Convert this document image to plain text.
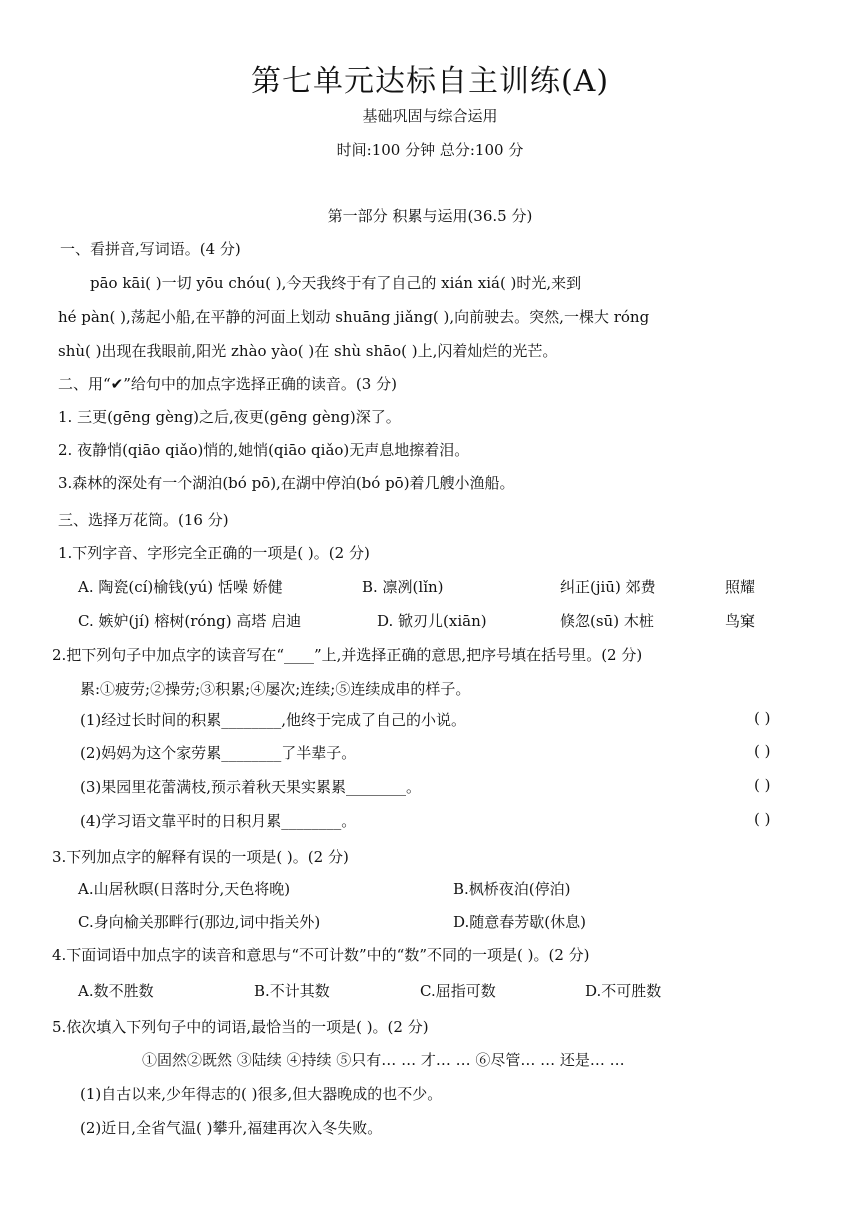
第七单元达标自主训练(A)
基础巩固与综合运用
时间:100 分钟 总分:100 分
第一部分 积累与运用(36.5 分)
一、看拼音,写词语。(4 分)
pāo kāi( )一切 yōu chóu( ),今天我终于有了自己的 xián xiá( )时光,来到
hé pàn( ),荡起小船,在平静的河面上划动 shuāng jiǎng( ),向前驶去。突然,一棵大 róng
shù( )出现在我眼前,阳光 zhào yào( )在 shù shāo( )上,闪着灿烂的光芒。
二、用“✔”给句中的加点字选择正确的读音。(3 分)
1. 三更(gēng gèng)之后,夜更(gēng gèng)深了。
2. 夜静悄(qiāo qiǎo)悄的,她悄(qiāo qiǎo)无声息地擦着泪。
3.森林的深处有一个湖泊(bó pō),在湖中停泊(bó pō)着几艘小渔船。
三、选择万花筒。(16 分)
1.下列字音、字形完全正确的一项是( )。(2 分)
A. 陶瓷(cí)榆钱(yú) 恬噪 娇健	B. 凛冽(lǐn)	纠正(jiū) 郊费	照耀
C. 嫉妒(jí) 榕树(róng) 高塔 启迪	D. 锨刃儿(xiān)	倏忽(sū) 木桩	鸟窠
2.把下列句子中加点字的读音写在“____”上,并选择正确的意思,把序号填在括号里。(2 分)
累:①疲劳;②操劳;③积累;④屡次;连续;⑤连续成串的样子。
(1)经过长时间的积累________,他终于完成了自己的小说。	( )
(2)妈妈为这个家劳累________了半辈子。	( )
(3)果园里花蕾满枝,预示着秋天果实累累________。	( )
(4)学习语文靠平时的日积月累________。	( )
3.下列加点字的解释有误的一项是( )。(2 分)
A.山居秋暝(日落时分,天色将晚)	B.枫桥夜泊(停泊)
C.身向榆关那畔行(那边,词中指关外)	D.随意春芳歇(休息)
4.下面词语中加点字的读音和意思与“不可计数”中的“数”不同的一项是( )。(2 分)
A.数不胜数	B.不计其数	C.屈指可数	D.不可胜数
5.依次填入下列句子中的词语,最恰当的一项是( )。(2 分)
①固然②既然 ③陆续 ④持续 ⑤只有… … 才… … ⑥尽管… … 还是… …
(1)自古以来,少年得志的( )很多,但大器晚成的也不少。
(2)近日,全省气温( )攀升,福建再次入冬失败。
